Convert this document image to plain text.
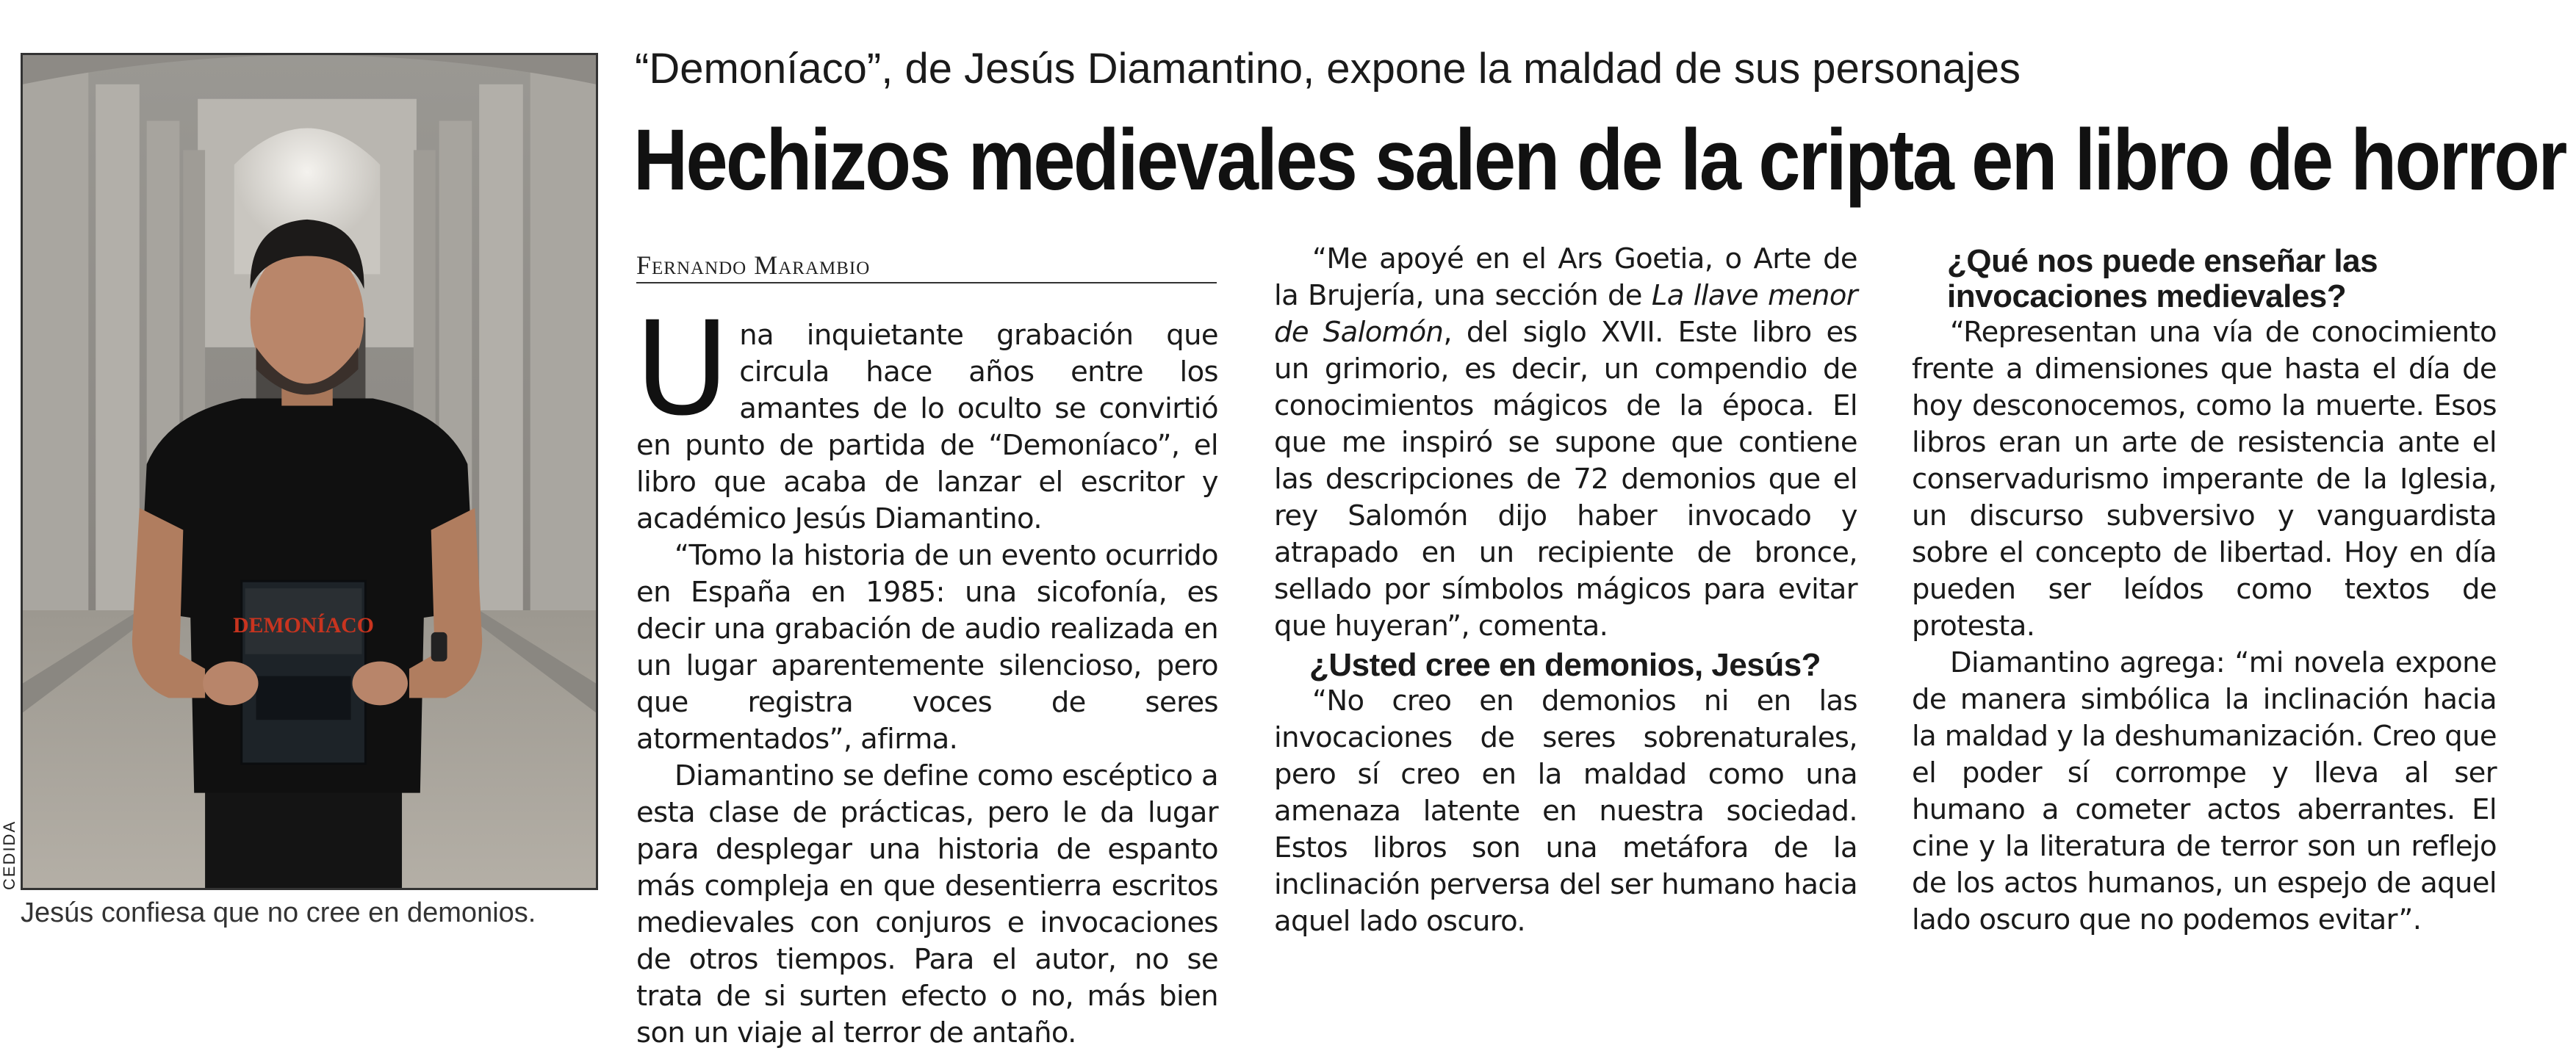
DEMONÍACO
CEDIDA
Jesús confiesa que no cree en demonios.
“Demoníaco”, de Jesús Diamantino, expone la maldad de sus personajes
Hechizos medievales salen de la cripta en libro de horror
Fernando Marambio

Una inquietante grabación que circula hace años entre los amantes de lo oculto se convirtió en punto de partida de “Demoníaco”, el libro que acaba de lanzar el escritor y académico Jesús Diamantino.

“Tomo la historia de un evento ocurrido en España en 1985: una sicofonía, es decir una grabación de audio realizada en un lugar aparentemente silencioso, pero que registra voces de seres atormentados”, afirma.

Diamantino se define como escéptico a esta clase de prácticas, pero le da lugar para desplegar una historia de espanto más compleja en que desentierra escritos medievales con conjuros e invocaciones de otros tiempos. Para el autor, no se trata de si surten efecto o no, más bien son un viaje al terror de antaño.

“Me apoyé en el Ars Goetia, o Arte de la Brujería, una sección de La llave menor de Salomón, del siglo XVII. Este libro es un grimorio, es decir, un compendio de conocimientos mágicos de la época. El que me inspiró se supone que contiene las descripciones de 72 demonios que el rey Salomón dijo haber invocado y atrapado en un recipiente de bronce, sellado por símbolos mágicos para evitar que huyeran”, comenta.

¿Usted cree en demonios, Jesús?

“No creo en demonios ni en las invocaciones de seres sobrenaturales, pero sí creo en la maldad como una amenaza latente en nuestra sociedad. Estos libros son una metáfora de la inclinación perversa del ser humano hacia aquel lado oscuro.

¿Qué nos puede enseñar las invocaciones medievales?

“Representan una vía de conocimiento frente a dimensiones que hasta el día de hoy desconocemos, como la muerte. Esos libros eran un arte de resistencia ante el conservadurismo imperante de la Iglesia, un discurso subversivo y vanguardista sobre el concepto de libertad. Hoy en día pueden ser leídos como textos de protesta.

Diamantino agrega: “mi novela expone de manera simbólica la inclinación hacia la maldad y la deshumanización. Creo que el poder sí corrompe y lleva al ser humano a cometer actos aberrantes. El cine y la literatura de terror son un reflejo de los actos humanos, un espejo de aquel lado oscuro que no podemos evitar”.
